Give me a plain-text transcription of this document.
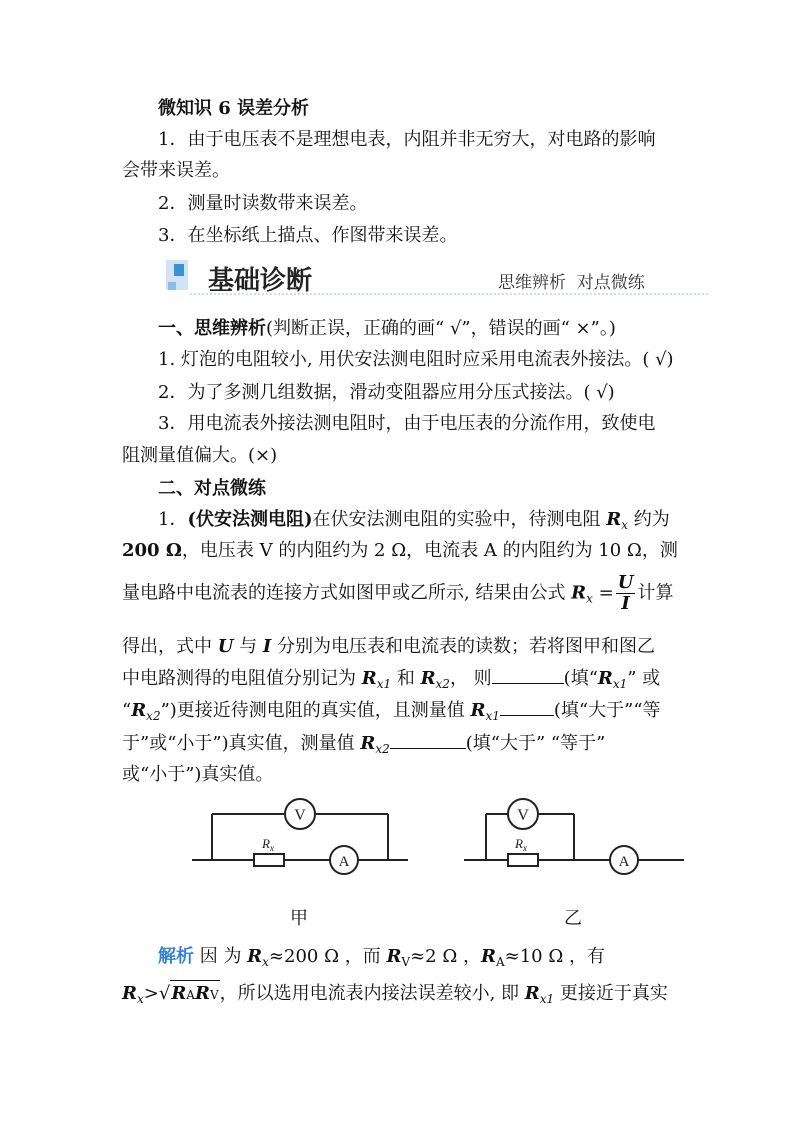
微知识 6 误差分析
1．由于电压表不是理想电表，内阻并非无穷大，对电路的影响
会带来误差。
2．测量时读数带来误差。
3．在坐标纸上描点、作图带来误差。
基础诊断	思维辨析  对点微练
一、思维辨析(判断正误，正确的画“ √”，错误的画“ ×”。)
1. 灯泡的电阻较小, 用伏安法测电阻时应采用电流表外接法。( √)
2．为了多测几组数据，滑动变阻器应用分压式接法。( √)
3．用电流表外接法测电阻时，由于电压表的分流作用，致使电
阻测量值偏大。(×)
二、对点微练
1．(伏安法测电阻)在伏安法测电阻的实验中，待测电阻 $R_x$ 约为
200 Ω，电压表 V 的内阻约为 2 Ω，电流表 A 的内阻约为 10 Ω，测
量电路中电流表的连接方式如图甲或乙所示, 结果由公式 $R_x = \frac{U}{I}$ 计算
得出，式中 U 与 I 分别为电压表和电流表的读数；若将图甲和图乙
中电路测得的电阻值分别记为 $R_{x1}$ 和 $R_{x2}$， 则	(填“$R_{x1}$” 或
“$R_{x2}$”)更接近待测电阻的真实值，且测量值 $R_{x1}$	(填“大于”“等
于”或“小于”)真实值，测量值 $R_{x2}$	(填“大于” “等于”
或“小于”)真实值。
V
A
$R_x$
V
A
$R_x$
甲	乙
解析 因 为 $R_x\approx 200$ Ω ，而 $R_V\approx 2$ Ω ，$R_A\approx 10$ Ω ，有
$R_x>√RARV$，所以选用电流表内接法误差较小, 即 $R_{x1}$ 更接近于真实
